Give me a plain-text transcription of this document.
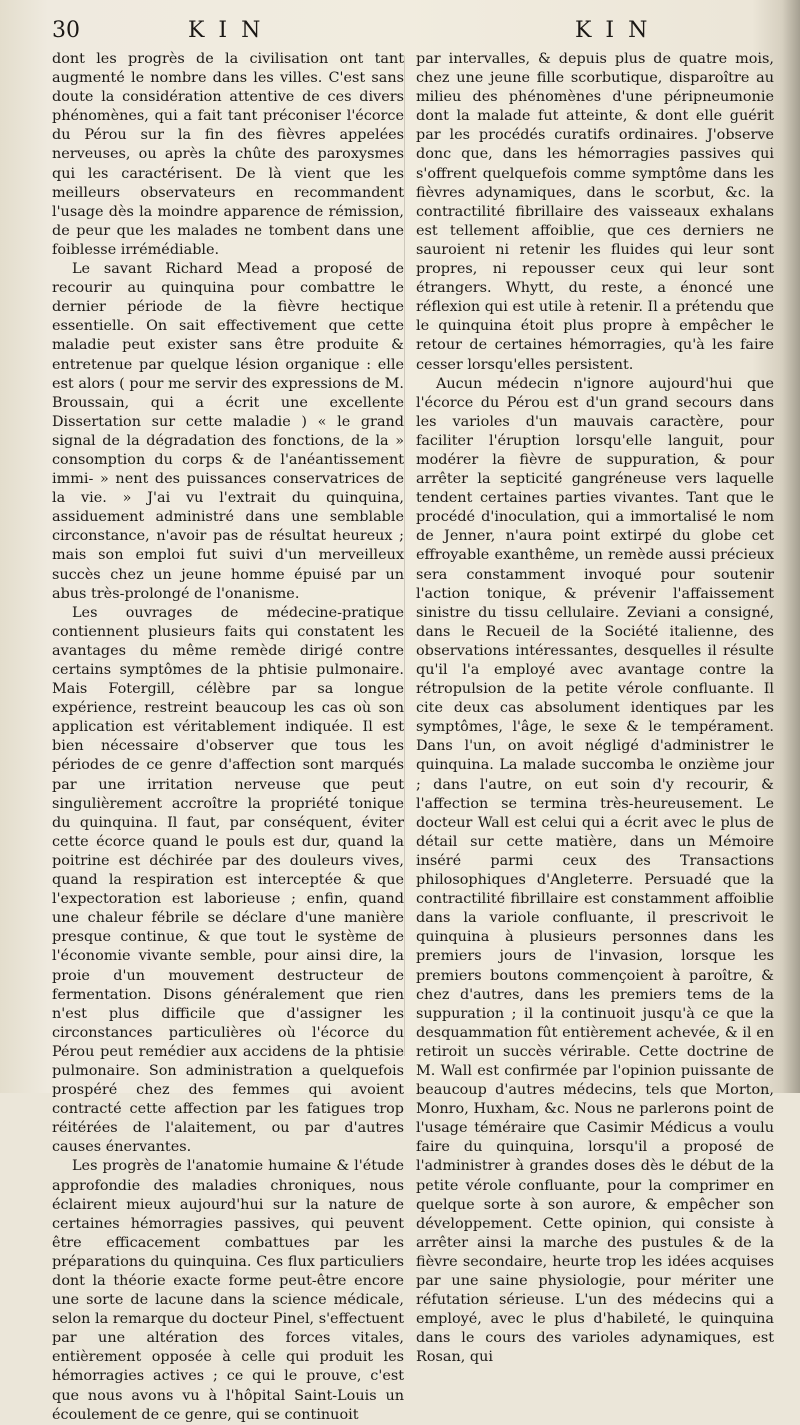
30	KIN	KIN

dont les progrès de la civilisation ont tant augmenté le nombre dans les villes. C'est sans doute la considération attentive de ces divers phénomènes, qui a fait tant préconiser l'écorce du Pérou sur la fin des fièvres appelées nerveuses, ou après la chûte des paroxysmes qui les caractérisent. De là vient que les meilleurs observateurs en recommandent l'usage dès la moindre apparence de rémission, de peur que les malades ne tombent dans une foiblesse irrémédiable.

Le savant Richard Mead a proposé de recourir au quinquina pour combattre le dernier période de la fièvre hectique essentielle. On sait effectivement que cette maladie peut exister sans être produite & entretenue par quelque lésion organique : elle est alors ( pour me servir des expressions de M. Broussain, qui a écrit une excellente Dissertation sur cette maladie ) « le grand signal de la dégradation des fonctions, de la » consomption du corps & de l'anéantissement immi- » nent des puissances conservatrices de la vie. » J'ai vu l'extrait du quinquina, assiduement administré dans une semblable circonstance, n'avoir pas de résultat heureux ; mais son emploi fut suivi d'un merveilleux succès chez un jeune homme épuisé par un abus très-prolongé de l'onanisme.

Les ouvrages de médecine-pratique contiennent plusieurs faits qui constatent les avantages du même remède dirigé contre certains symptômes de la phtisie pulmonaire. Mais Fotergill, célèbre par sa longue expérience, restreint beaucoup les cas où son application est véritablement indiquée. Il est bien nécessaire d'observer que tous les périodes de ce genre d'affection sont marqués par une irritation nerveuse que peut singulièrement accroître la propriété tonique du quinquina. Il faut, par conséquent, éviter cette écorce quand le pouls est dur, quand la poitrine est déchirée par des douleurs vives, quand la respiration est interceptée & que l'expectoration est laborieuse ; enfin, quand une chaleur fébrile se déclare d'une manière presque continue, & que tout le système de l'économie vivante semble, pour ainsi dire, la proie d'un mouvement destructeur de fermentation. Disons généralement que rien n'est plus difficile que d'assigner les circonstances particulières où l'écorce du Pérou peut remédier aux accidens de la phtisie pulmonaire. Son administration a quelquefois prospéré chez des femmes qui avoient contracté cette affection par les fatigues trop réitérées de l'alaitement, ou par d'autres causes énervantes.

Les progrès de l'anatomie humaine & l'étude approfondie des maladies chroniques, nous éclairent mieux aujourd'hui sur la nature de certaines hémorragies passives, qui peuvent être efficacement combattues par les préparations du quinquina. Ces flux particuliers dont la théorie exacte forme peut-être encore une sorte de lacune dans la science médicale, selon la remarque du docteur Pinel, s'effectuent par une altération des forces vitales, entièrement opposée à celle qui produit les hémorragies actives ; ce qui le prouve, c'est que nous avons vu à l'hôpital Saint-Louis un écoulement de ce genre, qui se continuoit

par intervalles, & depuis plus de quatre mois, chez une jeune fille scorbutique, disparoître au milieu des phénomènes d'une péripneumonie dont la malade fut atteinte, & dont elle guérit par les procédés curatifs ordinaires. J'observe donc que, dans les hémorragies passives qui s'offrent quelquefois comme symptôme dans les fièvres adynamiques, dans le scorbut, &c. la contractilité fibrillaire des vaisseaux exhalans est tellement affoiblie, que ces derniers ne sauroient ni retenir les fluides qui leur sont propres, ni repousser ceux qui leur sont étrangers. Whytt, du reste, a énoncé une réflexion qui est utile à retenir. Il a prétendu que le quinquina étoit plus propre à empêcher le retour de certaines hémorragies, qu'à les faire cesser lorsqu'elles persistent.

Aucun médecin n'ignore aujourd'hui que l'écorce du Pérou est d'un grand secours dans les varioles d'un mauvais caractère, pour faciliter l'éruption lorsqu'elle languit, pour modérer la fièvre de suppuration, & pour arrêter la septicité gangréneuse vers laquelle tendent certaines parties vivantes. Tant que le procédé d'inoculation, qui a immortalisé le nom de Jenner, n'aura point extirpé du globe cet effroyable exanthême, un remède aussi précieux sera constamment invoqué pour soutenir l'action tonique, & prévenir l'affaissement sinistre du tissu cellulaire. Zeviani a consigné, dans le Recueil de la Société italienne, des observations intéressantes, desquelles il résulte qu'il l'a employé avec avantage contre la rétropulsion de la petite vérole confluante. Il cite deux cas absolument identiques par les symptômes, l'âge, le sexe & le tempérament. Dans l'un, on avoit négligé d'administrer le quinquina. La malade succomba le onzième jour ; dans l'autre, on eut soin d'y recourir, & l'affection se termina très-heureusement. Le docteur Wall est celui qui a écrit avec le plus de détail sur cette matière, dans un Mémoire inséré parmi ceux des Transactions philosophiques d'Angleterre. Persuadé que la contractilité fibrillaire est constamment affoiblie dans la variole confluante, il prescrivoit le quinquina à plusieurs personnes dans les premiers jours de l'invasion, lorsque les premiers boutons commençoient à paroître, & chez d'autres, dans les premiers tems de la suppuration ; il la continuoit jusqu'à ce que la desquammation fût entièrement achevée, & il en retiroit un succès vérirable. Cette doctrine de M. Wall est confirmée par l'opinion puissante de beaucoup d'autres médecins, tels que Morton, Monro, Huxham, &c. Nous ne parlerons point de l'usage téméraire que Casimir Médicus a voulu faire du quinquina, lorsqu'il a proposé de l'administrer à grandes doses dès le début de la petite vérole confluante, pour la comprimer en quelque sorte à son aurore, & empêcher son développement. Cette opinion, qui consiste à arrêter ainsi la marche des pustules & de la fièvre secondaire, heurte trop les idées acquises par une saine physiologie, pour mériter une réfutation sérieuse. L'un des médecins qui a employé, avec le plus d'habileté, le quinquina dans le cours des varioles adynamiques, est Rosan, qui
